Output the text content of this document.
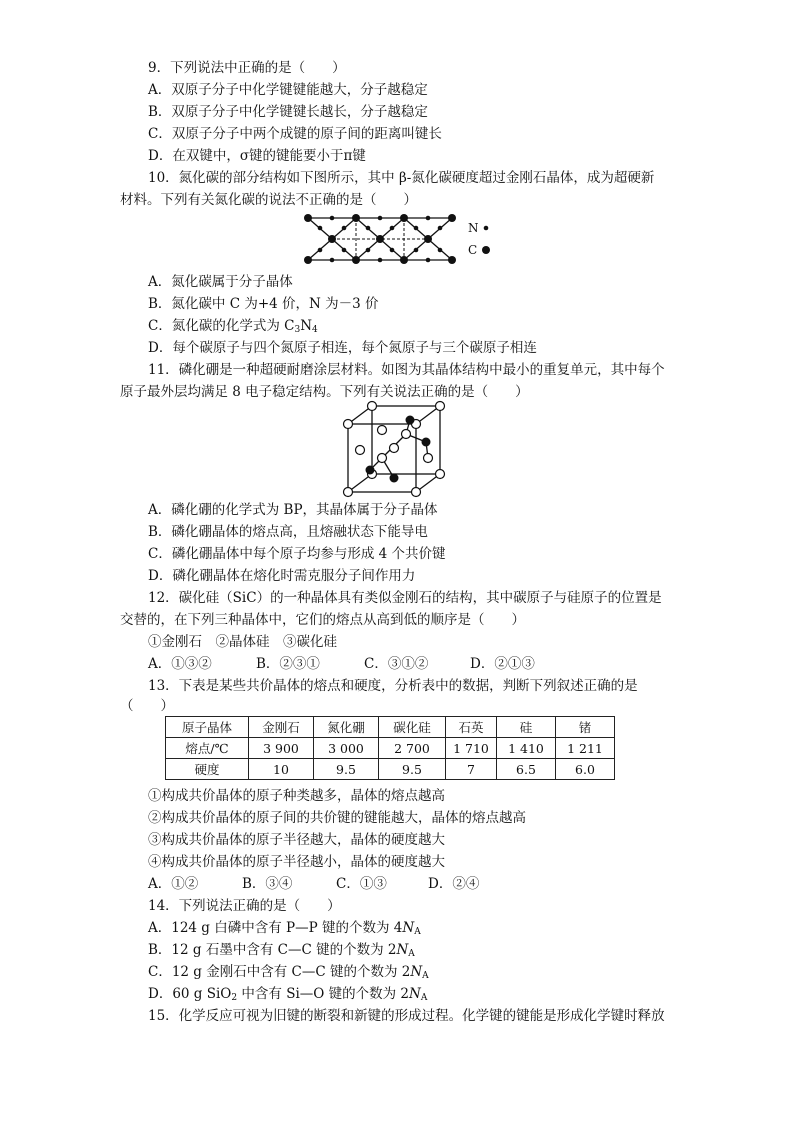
9．下列说法中正确的是（　　）
A．双原子分子中化学键键能越大，分子越稳定
B．双原子分子中化学键键长越长，分子越稳定
C．双原子分子中两个成键的原子间的距离叫键长
D．在双键中，σ键的键能要小于π键
10．氮化碳的部分结构如下图所示，其中 β-氮化碳硬度超过金刚石晶体，成为超硬新
材料。下列有关氮化碳的说法不正确的是（　　）
N
C
A．氮化碳属于分子晶体
B．氮化碳中 C 为+4 价，N 为－3 价
C．氮化碳的化学式为 $C_3N_4$
D．每个碳原子与四个氮原子相连，每个氮原子与三个碳原子相连
11．磷化硼是一种超硬耐磨涂层材料。如图为其晶体结构中最小的重复单元，其中每个
原子最外层均满足 8 电子稳定结构。下列有关说法正确的是（　　）
A．磷化硼的化学式为 BP，其晶体属于分子晶体
B．磷化硼晶体的熔点高，且熔融状态下能导电
C．磷化硼晶体中每个原子均参与形成 4 个共价键
D．磷化硼晶体在熔化时需克服分子间作用力
12．碳化硅（SiC）的一种晶体具有类似金刚石的结构，其中碳原子与硅原子的位置是
交替的，在下列三种晶体中，它们的熔点从高到低的顺序是（　　）
①金刚石　②晶体硅　③碳化硅
A．①③②	B．②③①	C．③①②	D．②①③
13．下表是某些共价晶体的熔点和硬度，分析表中的数据，判断下列叙述正确的是
（　　）
原子晶体	金刚石	氮化硼	碳化硅	石英	硅	锗
熔点/℃	3 900	3 000	2 700	1 710	1 410	1 211
硬度	10	9.5	9.5	7	6.5	6.0
①构成共价晶体的原子种类越多，晶体的熔点越高
②构成共价晶体的原子间的共价键的键能越大，晶体的熔点越高
③构成共价晶体的原子半径越大，晶体的硬度越大
④构成共价晶体的原子半径越小，晶体的硬度越大
A．①②	B．③④	C．①③	D．②④
14．下列说法正确的是（　　）
A．124 g 白磷中含有 P—P 键的个数为 $4N_A$
B．12 g 石墨中含有 C—C 键的个数为 $2N_A$
C．12 g 金刚石中含有 C—C 键的个数为 $2N_A$
D．60 g SiO$_2$ 中含有 Si—O 键的个数为 $2N_A$
15．化学反应可视为旧键的断裂和新键的形成过程。化学键的键能是形成化学键时释放
